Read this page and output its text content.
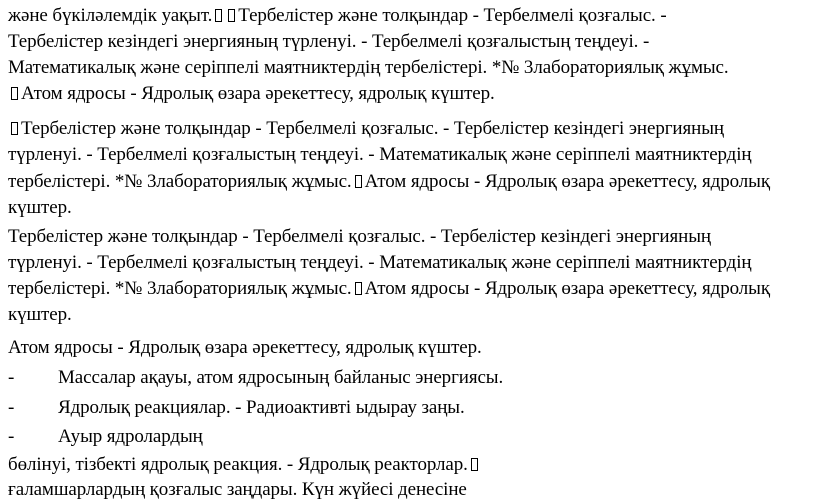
және бүкіләлемдік уақыт. Тербелістер және толқындар - Тербелмелі қозғалыс. -
Тербелістер кезіндегі энергияның түрленуі. - Тербелмелі қозғалыстың теңдеуі. -
Математикалық және серіппелі маятниктердің тербелістері. *№ 3лабораториялық жұмыс.
Атом ядросы - Ядролық өзара әрекеттесу, ядролық күштер.
Тербелістер және толқындар - Тербелмелі қозғалыс. - Тербелістер кезіндегі энергияның
түрленуі. - Тербелмелі қозғалыстың теңдеуі. - Математикалық және серіппелі маятниктердің
тербелістері. *№ 3лабораториялық жұмыс. Атом ядросы - Ядролық өзара әрекеттесу, ядролық
күштер.
Тербелістер және толқындар - Тербелмелі қозғалыс. - Тербелістер кезіндегі энергияның
түрленуі. - Тербелмелі қозғалыстың теңдеуі. - Математикалық және серіппелі маятниктердің
тербелістері. *№ 3лабораториялық жұмыс. Атом ядросы - Ядролық өзара әрекеттесу, ядролық
күштер.
Атом ядросы - Ядролық өзара әрекеттесу, ядролық күштер.
- Массалар ақауы, атом ядросының байланыс энергиясы.
- Ядролық реакциялар. - Радиоактивті ыдырау заңы.
- Ауыр ядролардың
бөлінуі, тізбекті ядролық реакция. - Ядролық реакторлар.
ғаламшарлардың қозғалыс заңдары. Күн жүйесі денесіне
